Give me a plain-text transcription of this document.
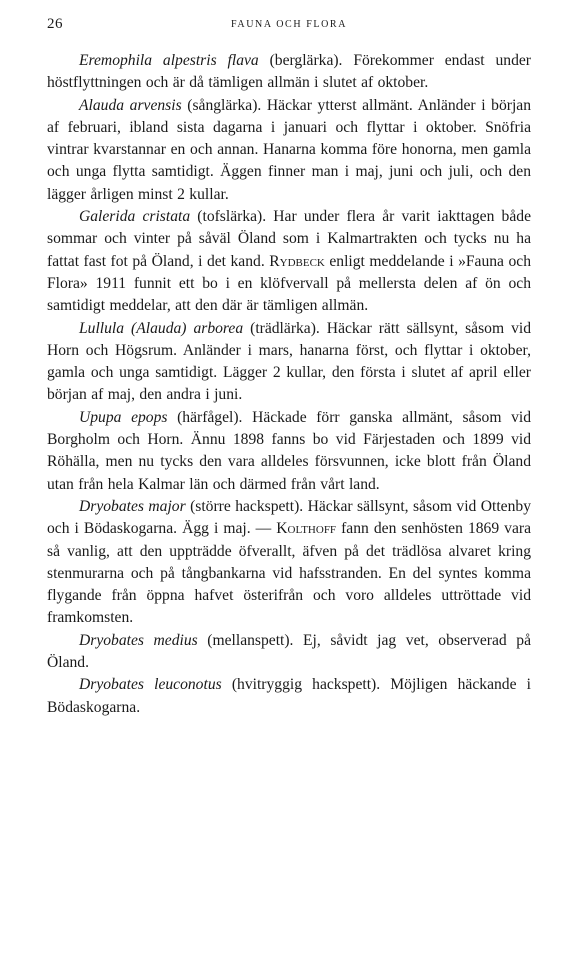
26	FAUNA OCH FLORA

Eremophila alpestris flava (berglärka). Förekommer endast under höstflyttningen och är då tämligen allmän i slutet af oktober.

Alauda arvensis (sånglärka). Häckar ytterst allmänt. Anländer i början af februari, ibland sista dagarna i januari och flyttar i oktober. Snöfria vintrar kvarstannar en och annan. Hanarna komma före honorna, men gamla och unga flytta samtidigt. Äggen finner man i maj, juni och juli, och den lägger årligen minst 2 kullar.

Galerida cristata (tofslärka). Har under flera år varit iakttagen både sommar och vinter på såväl Öland som i Kalmartrakten och tycks nu ha fattat fast fot på Öland, i det kand. Rydbeck enligt meddelande i »Fauna och Flora» 1911 funnit ett bo i en klöfvervall på mellersta delen af ön och samtidigt meddelar, att den där är tämligen allmän.

Lullula (Alauda) arborea (trädlärka). Häckar rätt sällsynt, såsom vid Horn och Högsrum. Anländer i mars, hanarna först, och flyttar i oktober, gamla och unga samtidigt. Lägger 2 kullar, den första i slutet af april eller början af maj, den andra i juni.

Upupa epops (härfågel). Häckade förr ganska allmänt, såsom vid Borgholm och Horn. Ännu 1898 fanns bo vid Färjestaden och 1899 vid Röhälla, men nu tycks den vara alldeles försvunnen, icke blott från Öland utan från hela Kalmar län och därmed från vårt land.

Dryobates major (större hackspett). Häckar sällsynt, såsom vid Ottenby och i Bödaskogarna. Ägg i maj. — Kolthoff fann den senhösten 1869 vara så vanlig, att den uppträdde öfverallt, äfven på det trädlösa alvaret kring stenmurarna och på tångbankarna vid hafsstranden. En del syntes komma flygande från öppna hafvet österifrån och voro alldeles uttröttade vid framkomsten.

Dryobates medius (mellanspett). Ej, såvidt jag vet, observerad på Öland.

Dryobates leuconotus (hvitryggig hackspett). Möjligen häckande i Bödaskogarna.
